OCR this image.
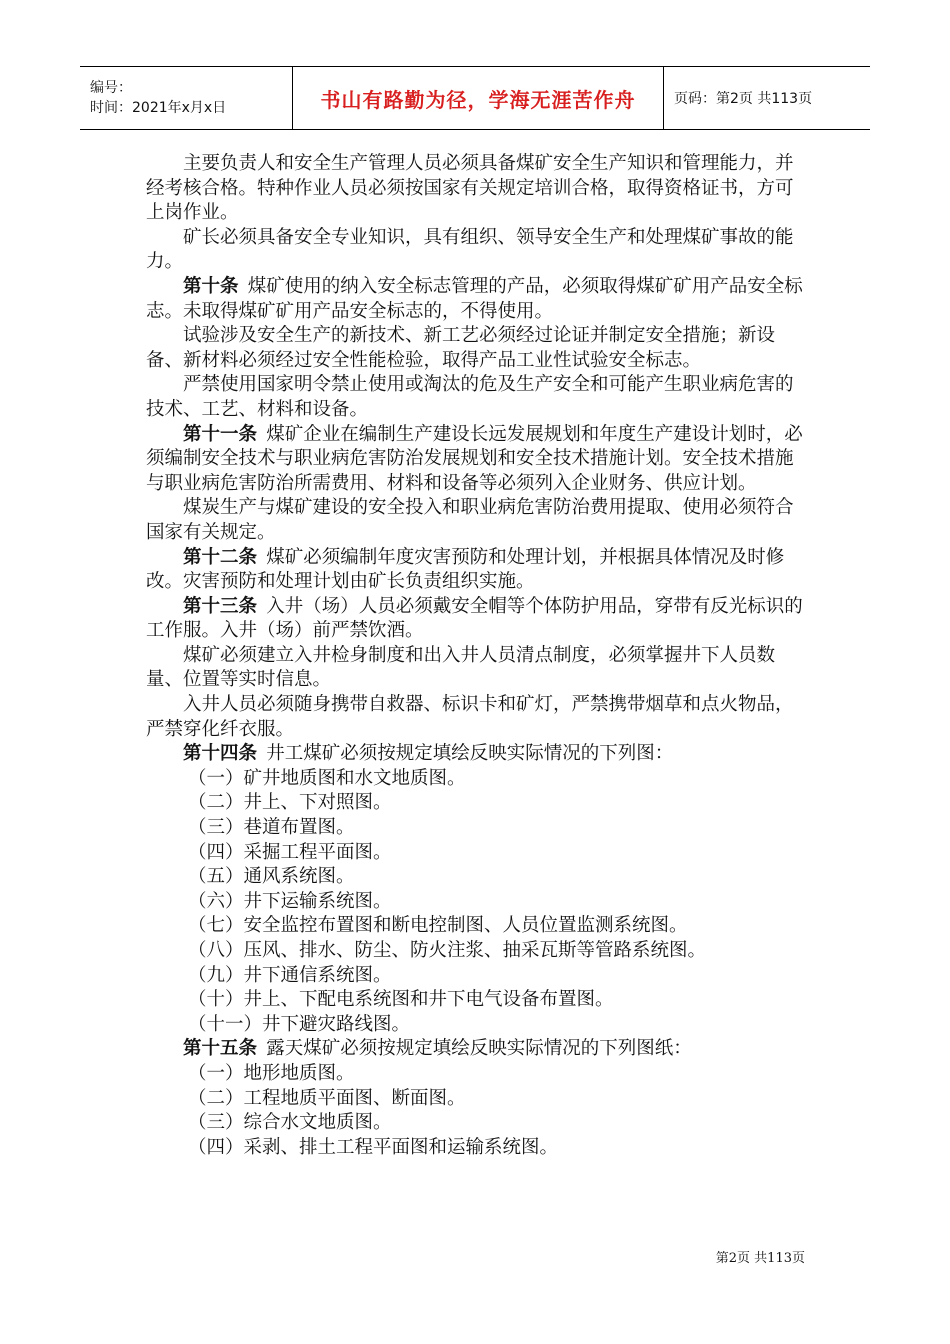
编号：
时间：2021年x月x日	书山有路勤为径，学海无涯苦作舟	页码：第2页 共113页

主要负责人和安全生产管理人员必须具备煤矿安全生产知识和管理能力，并经考核合格。特种作业人员必须按国家有关规定培训合格，取得资格证书，方可上岗作业。

矿长必须具备安全专业知识，具有组织、领导安全生产和处理煤矿事故的能力。

第十条  煤矿使用的纳入安全标志管理的产品，必须取得煤矿矿用产品安全标志。未取得煤矿矿用产品安全标志的，不得使用。

试验涉及安全生产的新技术、新工艺必须经过论证并制定安全措施；新设备、新材料必须经过安全性能检验，取得产品工业性试验安全标志。

严禁使用国家明令禁止使用或淘汰的危及生产安全和可能产生职业病危害的技术、工艺、材料和设备。

第十一条  煤矿企业在编制生产建设长远发展规划和年度生产建设计划时，必须编制安全技术与职业病危害防治发展规划和安全技术措施计划。安全技术措施与职业病危害防治所需费用、材料和设备等必须列入企业财务、供应计划。

煤炭生产与煤矿建设的安全投入和职业病危害防治费用提取、使用必须符合国家有关规定。

第十二条  煤矿必须编制年度灾害预防和处理计划，并根据具体情况及时修改。灾害预防和处理计划由矿长负责组织实施。

第十三条  入井（场）人员必须戴安全帽等个体防护用品，穿带有反光标识的工作服。入井（场）前严禁饮酒。

煤矿必须建立入井检身制度和出入井人员清点制度，必须掌握井下人员数量、位置等实时信息。

入井人员必须随身携带自救器、标识卡和矿灯，严禁携带烟草和点火物品，严禁穿化纤衣服。

第十四条  井工煤矿必须按规定填绘反映实际情况的下列图：

（一）矿井地质图和水文地质图。

（二）井上、下对照图。

（三）巷道布置图。

（四）采掘工程平面图。

（五）通风系统图。

（六）井下运输系统图。

（七）安全监控布置图和断电控制图、人员位置监测系统图。

（八）压风、排水、防尘、防火注浆、抽采瓦斯等管路系统图。

（九）井下通信系统图。

（十）井上、下配电系统图和井下电气设备布置图。

（十一）井下避灾路线图。

第十五条  露天煤矿必须按规定填绘反映实际情况的下列图纸：

（一）地形地质图。

（二）工程地质平面图、断面图。

（三）综合水文地质图。

（四）采剥、排土工程平面图和运输系统图。

第2页 共113页
